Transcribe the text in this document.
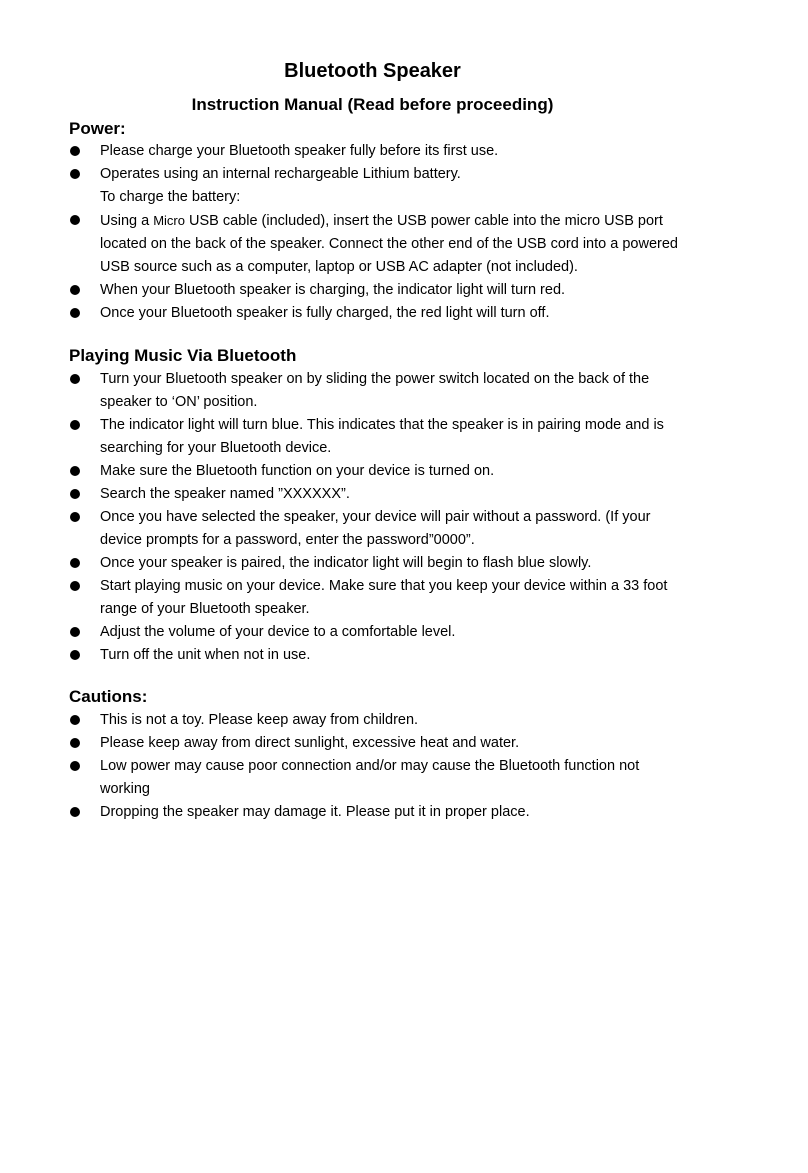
Bluetooth Speaker
Instruction Manual (Read before proceeding)
Power:
Please charge your Bluetooth speaker fully before its first use.
Operates using an internal rechargeable Lithium battery.
To charge the battery:
Using a Micro USB cable (included), insert the USB power cable into the micro USB port located on the back of the speaker. Connect the other end of the USB cord into a powered USB source such as a computer, laptop or USB AC adapter (not included).
When your Bluetooth speaker is charging, the indicator light will turn red.
Once your Bluetooth speaker is fully charged, the red light will turn off.
Playing Music Via Bluetooth
Turn your Bluetooth speaker on by sliding the power switch located on the back of the speaker to ‘ON’ position.
The indicator light will turn blue. This indicates that the speaker is in pairing mode and is searching for your Bluetooth device.
Make sure the Bluetooth function on your device is turned on.
Search the speaker named ”XXXXXX”.
Once you have selected the speaker, your device will pair without a password. (If your device prompts for a password, enter the password”0000”.
Once your speaker is paired, the indicator light will begin to flash blue slowly.
Start playing music on your device. Make sure that you keep your device within a 33 foot range of your Bluetooth speaker.
Adjust the volume of your device to a comfortable level.
Turn off the unit when not in use.
Cautions:
This is not a toy. Please keep away from children.
Please keep away from direct sunlight, excessive heat and water.
Low power may cause poor connection and/or may cause the Bluetooth function not working
Dropping the speaker may damage it. Please put it in proper place.
